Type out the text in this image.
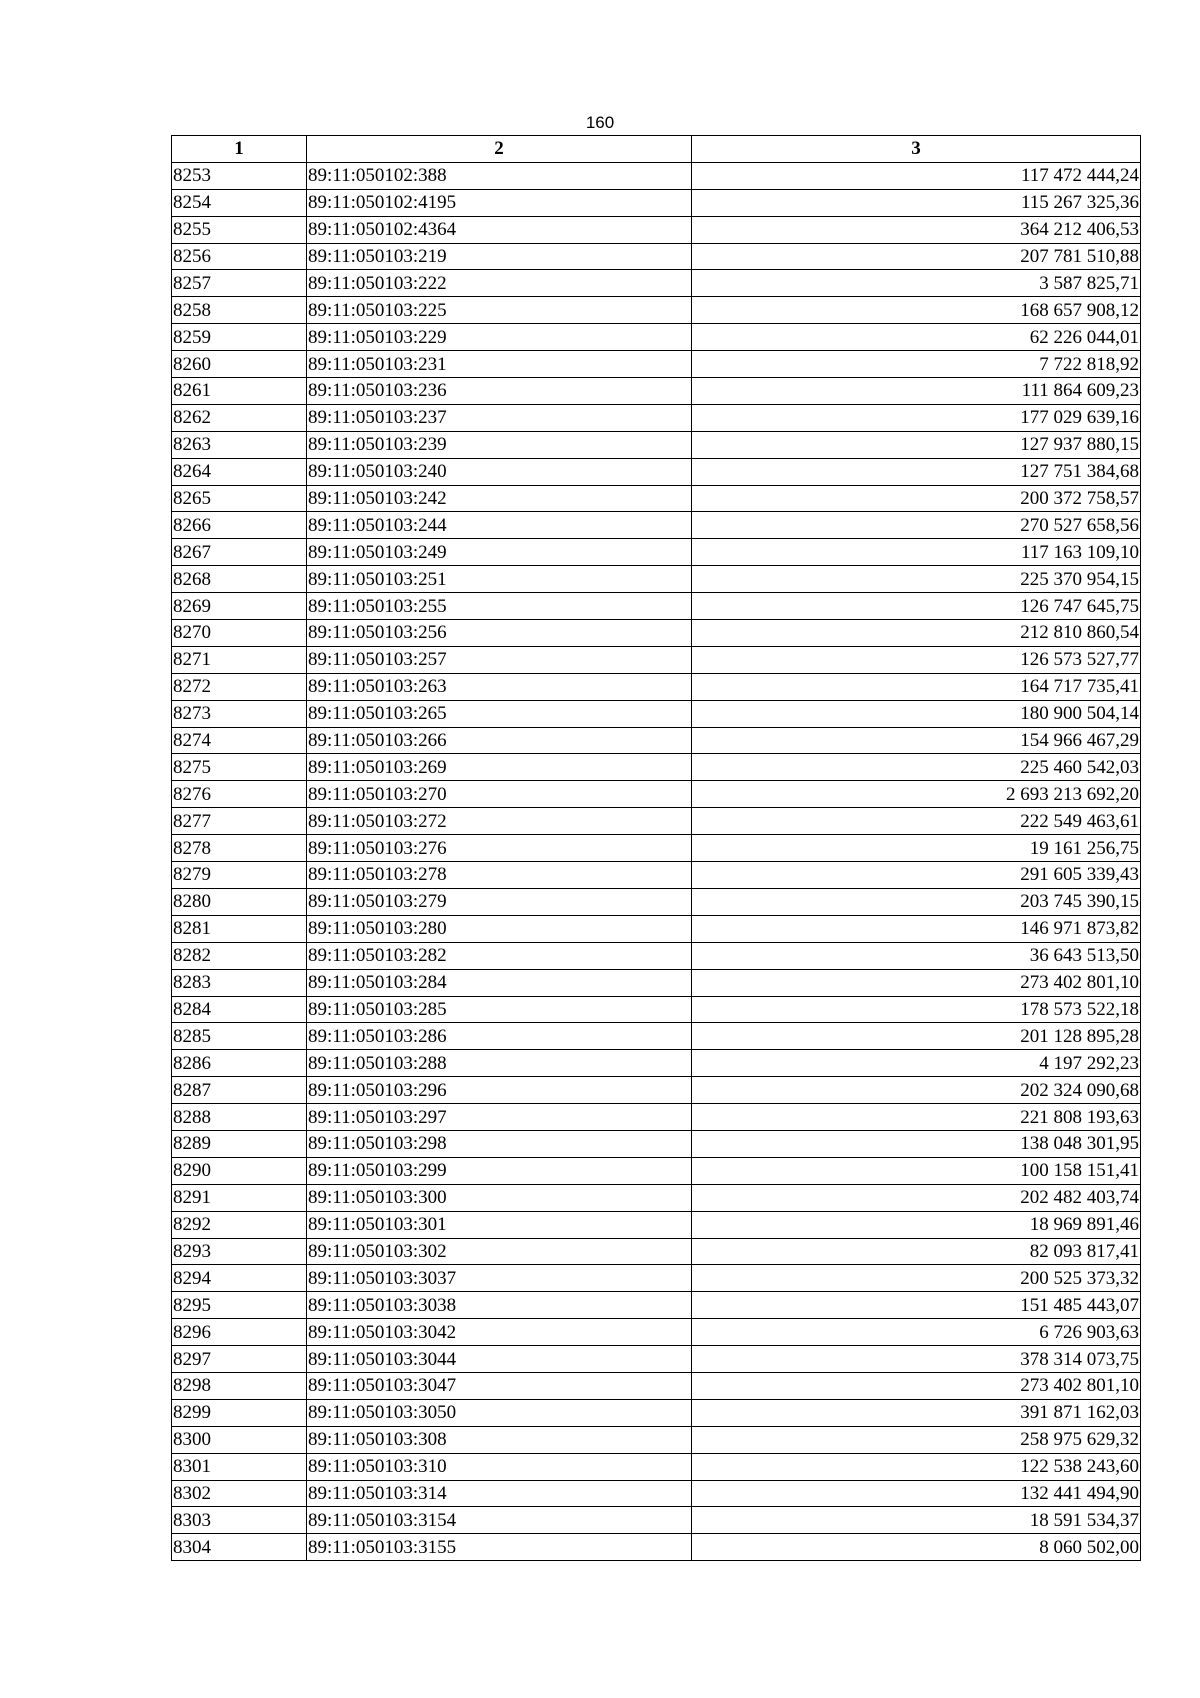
160
1	2	3
8253	89:11:050102:388	117 472 444,24
8254	89:11:050102:4195	115 267 325,36
8255	89:11:050102:4364	364 212 406,53
8256	89:11:050103:219	207 781 510,88
8257	89:11:050103:222	3 587 825,71
8258	89:11:050103:225	168 657 908,12
8259	89:11:050103:229	62 226 044,01
8260	89:11:050103:231	7 722 818,92
8261	89:11:050103:236	111 864 609,23
8262	89:11:050103:237	177 029 639,16
8263	89:11:050103:239	127 937 880,15
8264	89:11:050103:240	127 751 384,68
8265	89:11:050103:242	200 372 758,57
8266	89:11:050103:244	270 527 658,56
8267	89:11:050103:249	117 163 109,10
8268	89:11:050103:251	225 370 954,15
8269	89:11:050103:255	126 747 645,75
8270	89:11:050103:256	212 810 860,54
8271	89:11:050103:257	126 573 527,77
8272	89:11:050103:263	164 717 735,41
8273	89:11:050103:265	180 900 504,14
8274	89:11:050103:266	154 966 467,29
8275	89:11:050103:269	225 460 542,03
8276	89:11:050103:270	2 693 213 692,20
8277	89:11:050103:272	222 549 463,61
8278	89:11:050103:276	19 161 256,75
8279	89:11:050103:278	291 605 339,43
8280	89:11:050103:279	203 745 390,15
8281	89:11:050103:280	146 971 873,82
8282	89:11:050103:282	36 643 513,50
8283	89:11:050103:284	273 402 801,10
8284	89:11:050103:285	178 573 522,18
8285	89:11:050103:286	201 128 895,28
8286	89:11:050103:288	4 197 292,23
8287	89:11:050103:296	202 324 090,68
8288	89:11:050103:297	221 808 193,63
8289	89:11:050103:298	138 048 301,95
8290	89:11:050103:299	100 158 151,41
8291	89:11:050103:300	202 482 403,74
8292	89:11:050103:301	18 969 891,46
8293	89:11:050103:302	82 093 817,41
8294	89:11:050103:3037	200 525 373,32
8295	89:11:050103:3038	151 485 443,07
8296	89:11:050103:3042	6 726 903,63
8297	89:11:050103:3044	378 314 073,75
8298	89:11:050103:3047	273 402 801,10
8299	89:11:050103:3050	391 871 162,03
8300	89:11:050103:308	258 975 629,32
8301	89:11:050103:310	122 538 243,60
8302	89:11:050103:314	132 441 494,90
8303	89:11:050103:3154	18 591 534,37
8304	89:11:050103:3155	8 060 502,00
